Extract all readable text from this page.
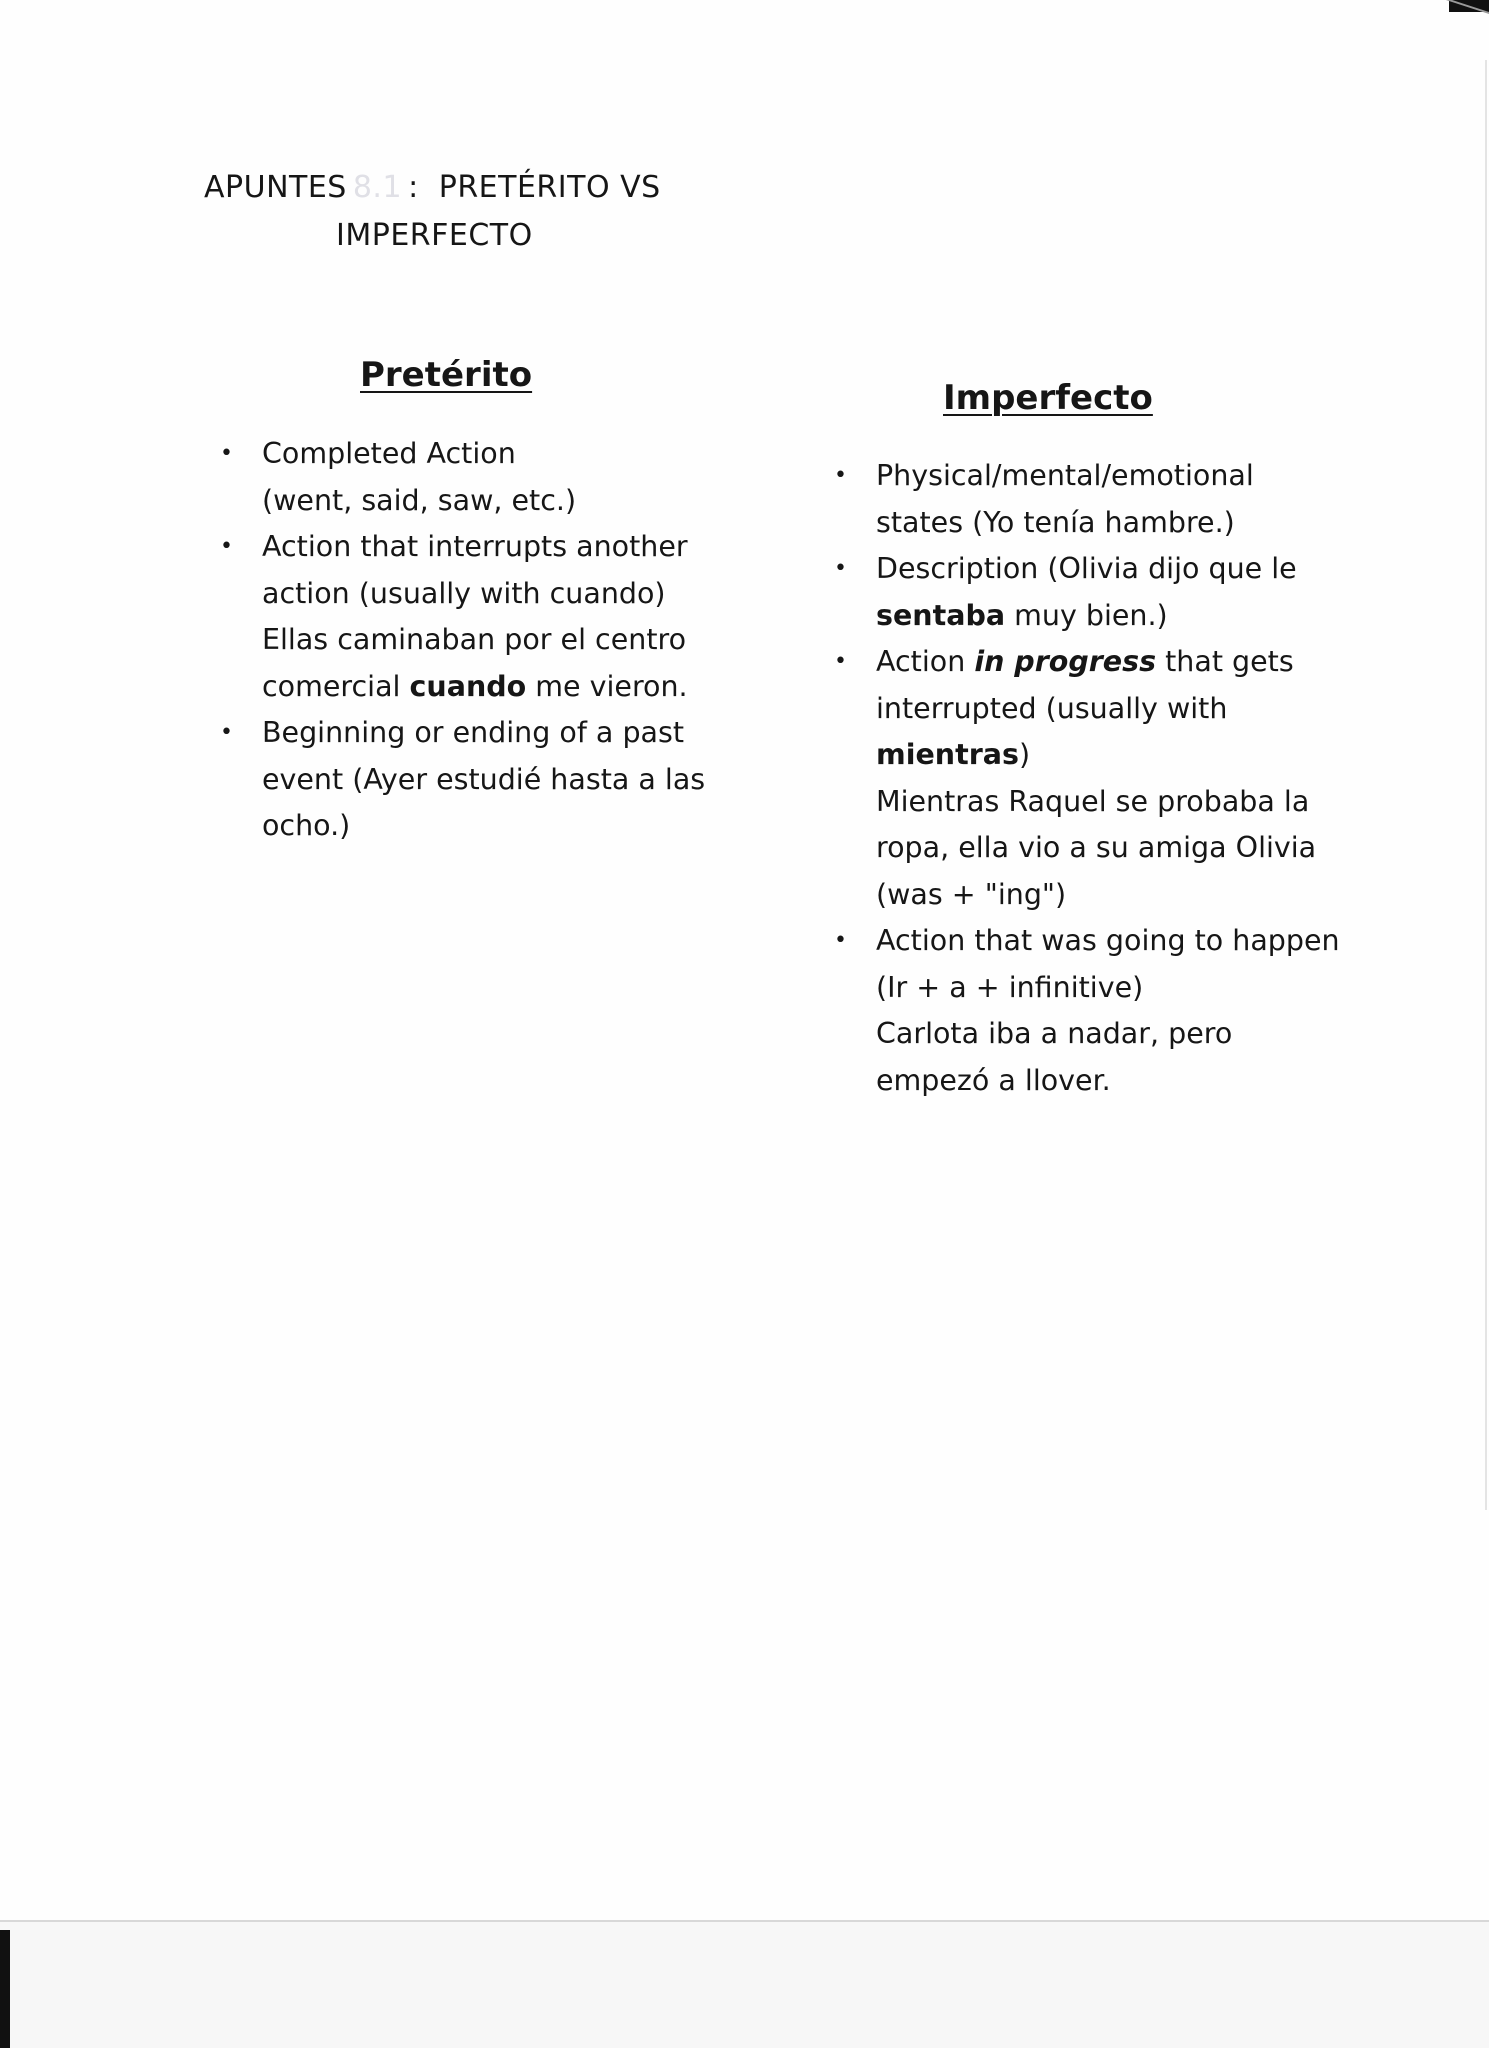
APUNTES 8.1 : PRETÉRITO VS
IMPERFECTO
Pretérito
• Completed Action
(went, said, saw, etc.)
• Action that interrupts another
action (usually with cuando)
Ellas caminaban por el centro
comercial cuando me vieron.
• Beginning or ending of a past
event (Ayer estudié hasta a las
ocho.)
Imperfecto
• Physical/mental/emotional
states (Yo tenía hambre.)
• Description (Olivia dijo que le
sentaba muy bien.)
• Action in progress that gets
interrupted (usually with
mientras)
Mientras Raquel se probaba la
ropa, ella vio a su amiga Olivia
(was + "ing")
• Action that was going to happen
(Ir + a + infinitive)
Carlota iba a nadar, pero
empezó a llover.
